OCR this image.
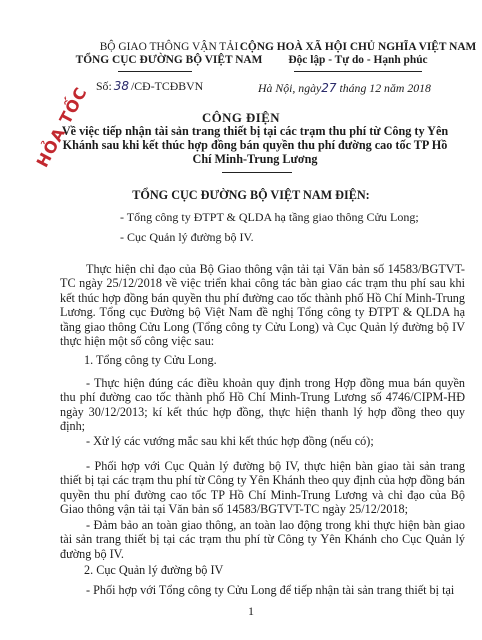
BỘ GIAO THÔNG VẬN TẢI
TỔNG CỤC ĐƯỜNG BỘ VIỆT NAM
CỘNG HOÀ XÃ HỘI CHỦ NGHĨA VIỆT NAM
Độc lập - Tự do - Hạnh phúc
Số: 38 /CĐ-TCĐBVN	Hà Nội, ngày27 tháng 12 năm 2018
CÔNG ĐIỆN
Về việc tiếp nhận tài sản trang thiết bị tại các trạm thu phí từ Công ty Yên Khánh sau khi kết thúc hợp đồng bán quyền thu phí đường cao tốc TP Hồ Chí Minh-Trung Lương
HỎA TỐC
TỔNG CỤC ĐƯỜNG BỘ VIỆT NAM ĐIỆN:
- Tổng công ty ĐTPT & QLDA hạ tầng giao thông Cửu Long;
- Cục Quản lý đường bộ IV.
Thực hiện chỉ đạo của Bộ Giao thông vận tải tại Văn bản số 14583/BGTVT-TC ngày 25/12/2018 về việc triển khai công tác bàn giao các trạm thu phí sau khi kết thúc hợp đồng bán quyền thu phí đường cao tốc thành phố Hồ Chí Minh-Trung Lương. Tổng cục Đường bộ Việt Nam đề nghị Tổng công ty ĐTPT & QLDA hạ tầng giao thông Cửu Long (Tổng công ty Cửu Long) và Cục Quản lý đường bộ IV thực hiện một số công việc sau:
1. Tổng công ty Cửu Long.
- Thực hiện đúng các điều khoản quy định trong Hợp đồng mua bán quyền thu phí đường cao tốc thành phố Hồ Chí Minh-Trung Lương số 4746/CIPM-HĐ ngày 30/12/2013; kí kết thúc hợp đồng, thực hiện thanh lý hợp đồng theo quy định;
- Xử lý các vướng mắc sau khi kết thúc hợp đồng (nếu có);
- Phối hợp với Cục Quản lý đường bộ IV, thực hiện bàn giao tài sản trang thiết bị tại các trạm thu phí từ Công ty Yên Khánh theo quy định của hợp đồng bán quyền thu phí đường cao tốc TP Hồ Chí Minh-Trung Lương và chỉ đạo của Bộ Giao thông vận tải tại Văn bản số 14583/BGTVT-TC ngày 25/12/2018;
- Đảm bảo an toàn giao thông, an toàn lao động trong khi thực hiện bàn giao tài sản trang thiết bị tại các trạm thu phí từ Công ty Yên Khánh cho Cục Quản lý đường bộ IV.
2. Cục Quản lý đường bộ IV
- Phối hợp với Tổng công ty Cửu Long để tiếp nhận tài sản trang thiết bị tại
1
